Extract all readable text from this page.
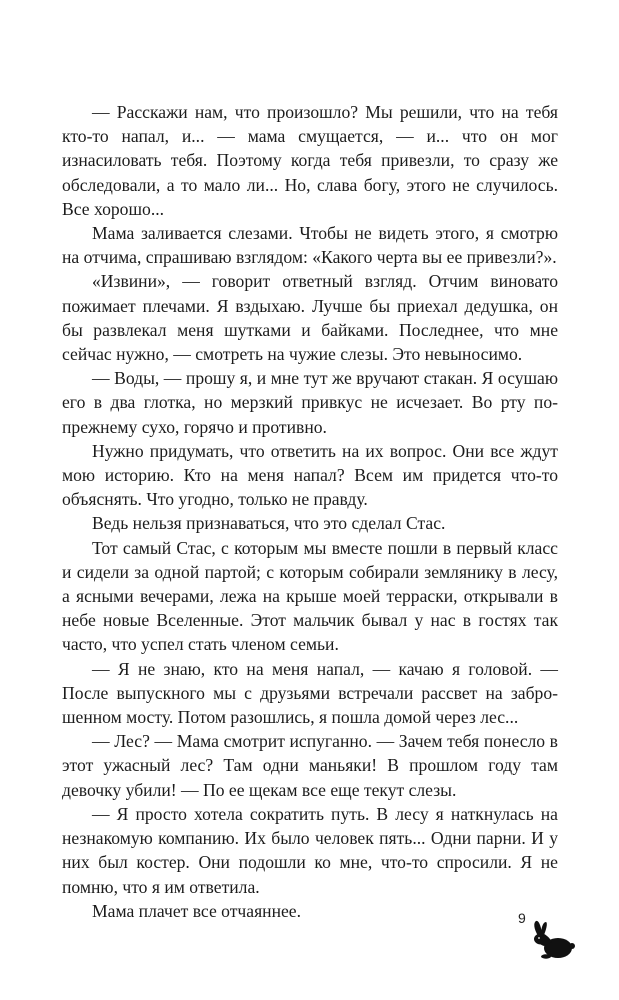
— Расскажи нам, что произошло? Мы решили, что на тебя кто-то напал, и... — мама смущается, — и... что он мог изнасиловать тебя. Поэтому когда тебя привезли, то сразу же обследовали, а то мало ли... Но, слава богу, этого не случилось. Все хорошо...

Мама заливается слезами. Чтобы не видеть этого, я смотрю на отчима, спрашиваю взглядом: «Какого черта вы ее привезли?».

«Извини», — говорит ответный взгляд. Отчим виновато пожимает плечами. Я вздыхаю. Лучше бы приехал дедушка, он бы развлекал меня шутками и байками. Последнее, что мне сейчас нужно, — смотреть на чужие слезы. Это невыносимо.

— Воды, — прошу я, и мне тут же вручают стакан. Я осушаю его в два глотка, но мерзкий привкус не исчезает. Во рту по-прежнему сухо, горячо и противно.

Нужно придумать, что ответить на их вопрос. Они все ждут мою историю. Кто на меня напал? Всем им придется что-то объяснять. Что угодно, только не правду.

Ведь нельзя признаваться, что это сделал Стас.

Тот самый Стас, с которым мы вместе пошли в первый класс и сидели за одной партой; с которым собирали землянику в лесу, а ясными вечерами, лежа на крыше моей терраски, открывали в небе новые Вселенные. Этот мальчик бывал у нас в гостях так часто, что успел стать членом семьи.

— Я не знаю, кто на меня напал, — качаю я головой. — После выпускного мы с друзьями встречали рассвет на заброшенном мосту. Потом разошлись, я пошла домой через лес...

— Лес? — Мама смотрит испуганно. — Зачем тебя понесло в этот ужасный лес? Там одни маньяки! В прошлом году там девочку убили! — По ее щекам все еще текут слезы.

— Я просто хотела сократить путь. В лесу я наткнулась на незнакомую компанию. Их было человек пять... Одни парни. И у них был костер. Они подошли ко мне, что-то спросили. Я не помню, что я им ответила.

Мама плачет все отчаяннее.	9
